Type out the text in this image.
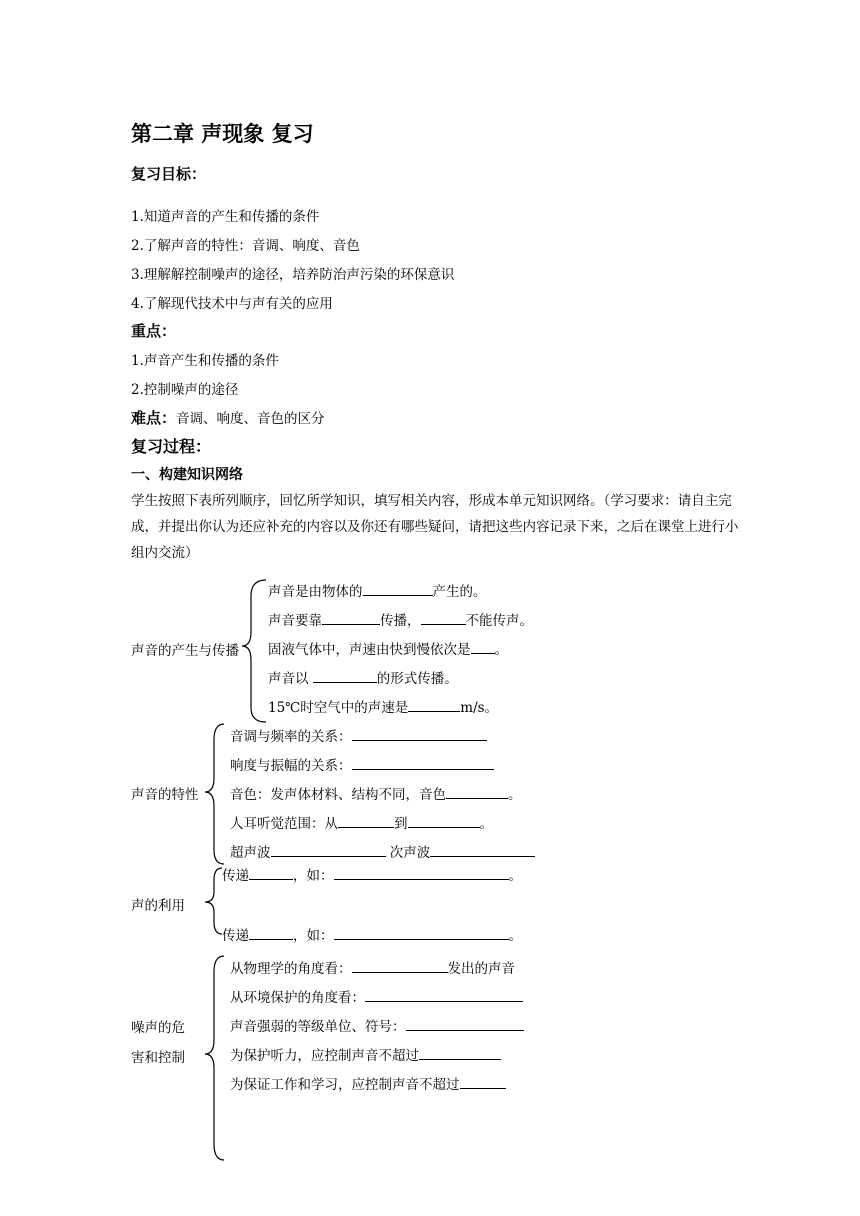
第二章 声现象 复习
复习目标：
1.知道声音的产生和传播的条件
2.了解声音的特性：音调、响度、音色
3.理解解控制噪声的途径，培养防治声污染的环保意识
4.了解现代技术中与声有关的应用
重点：
1.声音产生和传播的条件
2.控制噪声的途径
难点：音调、响度、音色的区分
复习过程：
一、构建知识网络
学生按照下表所列顺序，回忆所学知识，填写相关内容，形成本单元知识网络。（学习要求：请自主完成，并提出你认为还应补充的内容以及你还有哪些疑问，请把这些内容记录下来，之后在课堂上进行小组内交流）
声音的产生与传播
声音是由物体的	产生的。
声音要靠	传播，	不能传声。
固液气体中，声速由快到慢依次是 。
声音以	的形式传播。
15℃时空气中的声速是	m/s。
声音的特性
音调与频率的关系：
响度与振幅的关系：
音色：发声体材料、结构不同，音色	。
人耳听觉范围：从	到	。
超声波	次声波
声的利用
传递	，如：	。
传递	，如：	。
噪声的危
害和控制
从物理学的角度看：	发出的声音
从环境保护的角度看：
声音强弱的等级单位、符号：
为保护听力，应控制声音不超过
为保证工作和学习，应控制声音不超过
